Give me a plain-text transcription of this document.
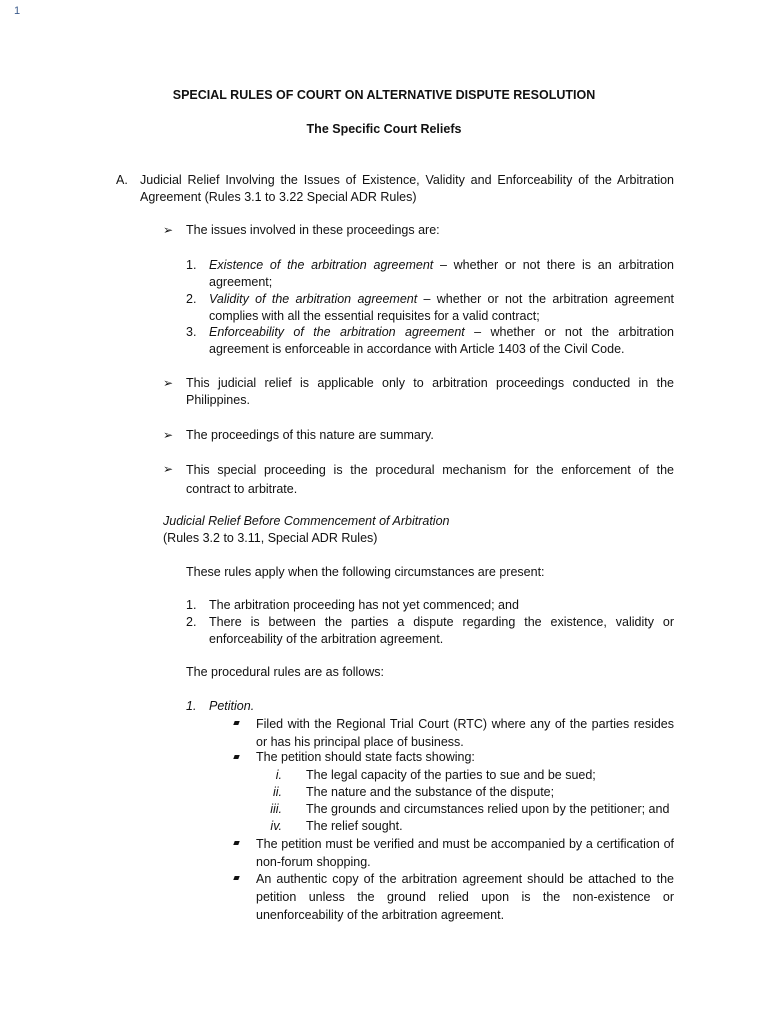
1
SPECIAL RULES OF COURT ON ALTERNATIVE DISPUTE RESOLUTION
The Specific Court Reliefs
A. Judicial Relief Involving the Issues of Existence, Validity and Enforceability of the Arbitration Agreement (Rules 3.1 to 3.22 Special ADR Rules)
➢ The issues involved in these proceedings are:
1. Existence of the arbitration agreement – whether or not there is an arbitration agreement;
2. Validity of the arbitration agreement – whether or not the arbitration agreement complies with all the essential requisites for a valid contract;
3. Enforceability of the arbitration agreement – whether or not the arbitration agreement is enforceable in accordance with Article 1403 of the Civil Code.
➢ This judicial relief is applicable only to arbitration proceedings conducted in the Philippines.
➢ The proceedings of this nature are summary.
➢ This special proceeding is the procedural mechanism for the enforcement of the contract to arbitrate.
Judicial Relief Before Commencement of Arbitration
(Rules 3.2 to 3.11, Special ADR Rules)
These rules apply when the following circumstances are present:
1. The arbitration proceeding has not yet commenced; and
2. There is between the parties a dispute regarding the existence, validity or enforceability of the arbitration agreement.
The procedural rules are as follows:
1. Petition.
Filed with the Regional Trial Court (RTC) where any of the parties resides or has his principal place of business.
The petition should state facts showing:
i. The legal capacity of the parties to sue and be sued;
ii. The nature and the substance of the dispute;
iii. The grounds and circumstances relied upon by the petitioner; and
iv. The relief sought.
The petition must be verified and must be accompanied by a certification of non-forum shopping.
An authentic copy of the arbitration agreement should be attached to the petition unless the ground relied upon is the non-existence or unenforceability of the arbitration agreement.
